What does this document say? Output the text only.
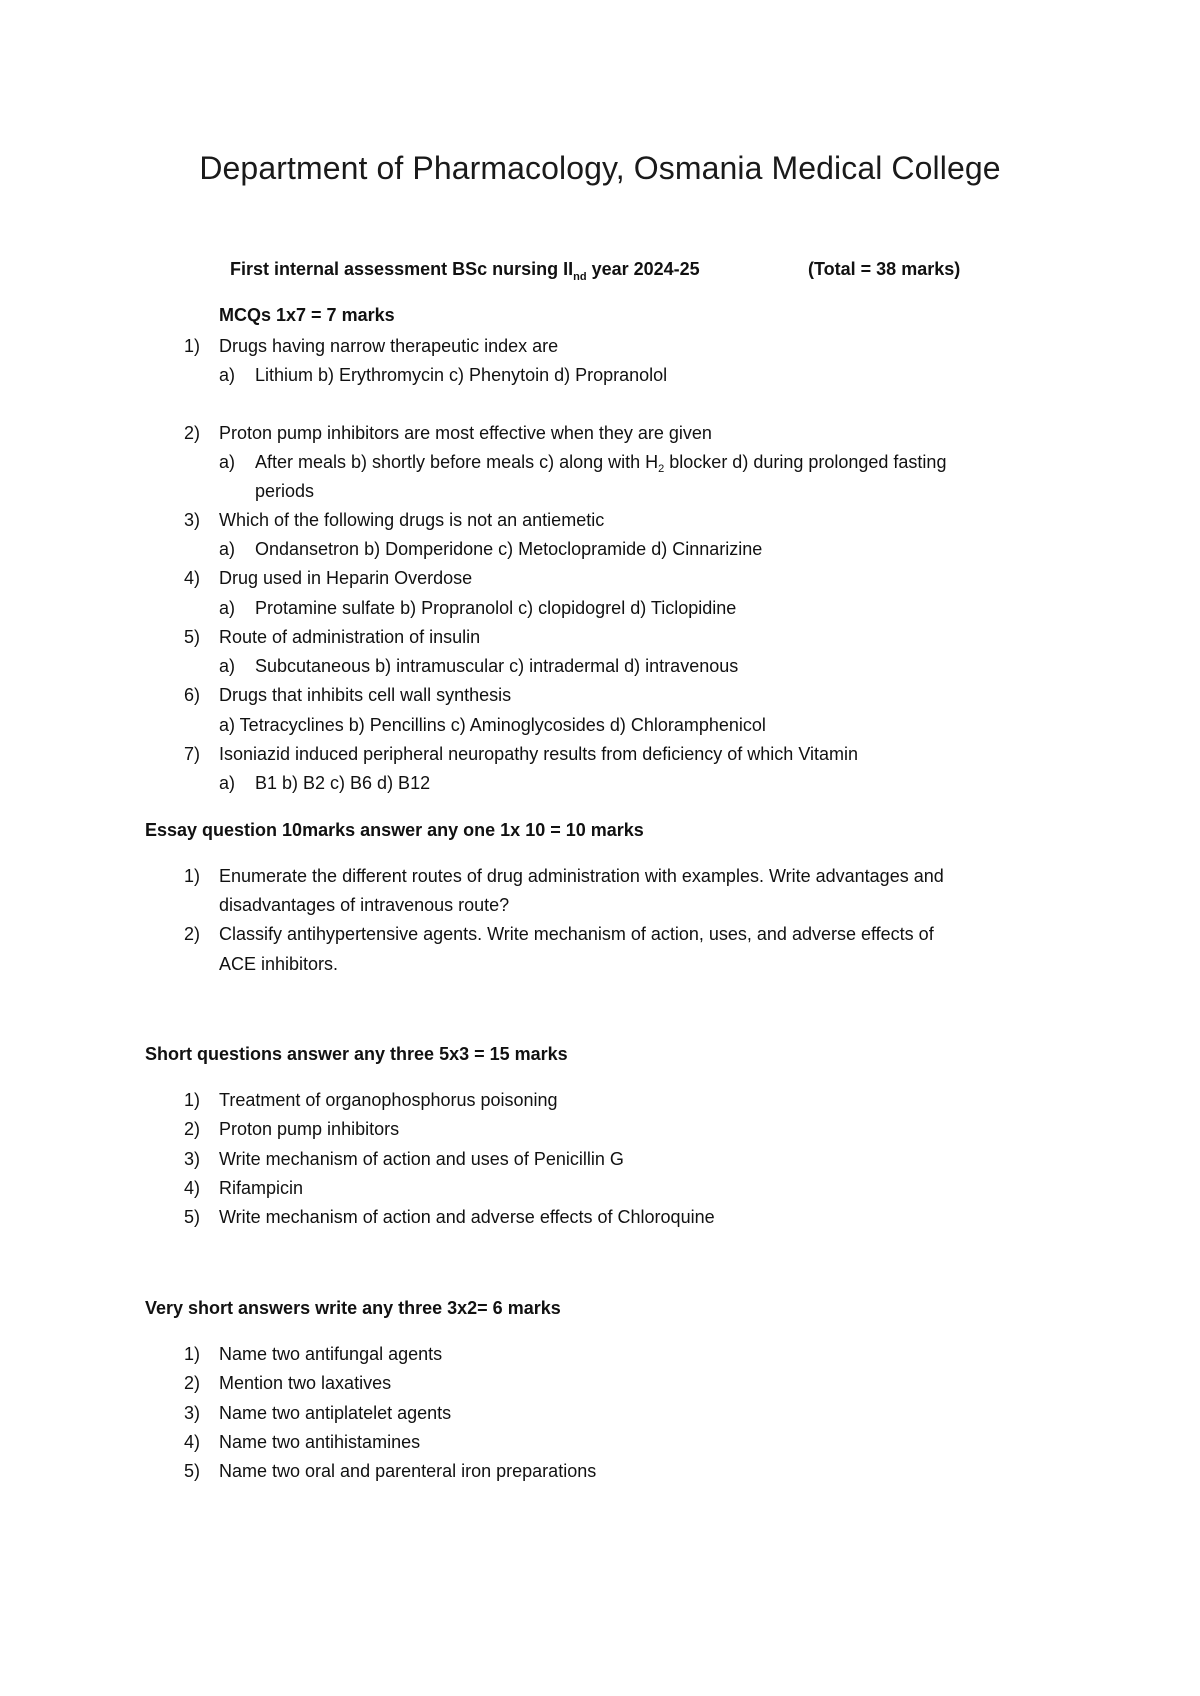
Department of Pharmacology, Osmania Medical College
First internal assessment BSc nursing $II_{nd}$ year 2024-25	(Total = 38 marks)
MCQs 1x7 = 7 marks
1) Drugs having narrow therapeutic index are
a) Lithium b) Erythromycin c) Phenytoin d) Propranolol
2) Proton pump inhibitors are most effective when they are given
a) After meals b) shortly before meals c) along with $H_2$ blocker d) during prolonged fasting
periods
3) Which of the following drugs is not an antiemetic
a) Ondansetron b) Domperidone c) Metoclopramide d) Cinnarizine
4) Drug used in Heparin Overdose
a) Protamine sulfate b) Propranolol c) clopidogrel d) Ticlopidine
5) Route of administration of insulin
a) Subcutaneous b) intramuscular c) intradermal d) intravenous
6) Drugs that inhibits cell wall synthesis
a) Tetracyclines b) Pencillins c) Aminoglycosides d) Chloramphenicol
7) Isoniazid induced peripheral neuropathy results from deficiency of which Vitamin
a) B1 b) B2 c) B6 d) B12
Essay question 10marks answer any one 1x 10 = 10 marks
1) Enumerate the different routes of drug administration with examples. Write advantages and
disadvantages of intravenous route?
2) Classify antihypertensive agents. Write mechanism of action, uses, and adverse effects of
ACE inhibitors.
Short questions answer any three 5x3 = 15 marks
1) Treatment of organophosphorus poisoning
2) Proton pump inhibitors
3) Write mechanism of action and uses of Penicillin G
4) Rifampicin
5) Write mechanism of action and adverse effects of Chloroquine
Very short answers write any three 3x2= 6 marks
1) Name two antifungal agents
2) Mention two laxatives
3) Name two antiplatelet agents
4) Name two antihistamines
5) Name two oral and parenteral iron preparations
